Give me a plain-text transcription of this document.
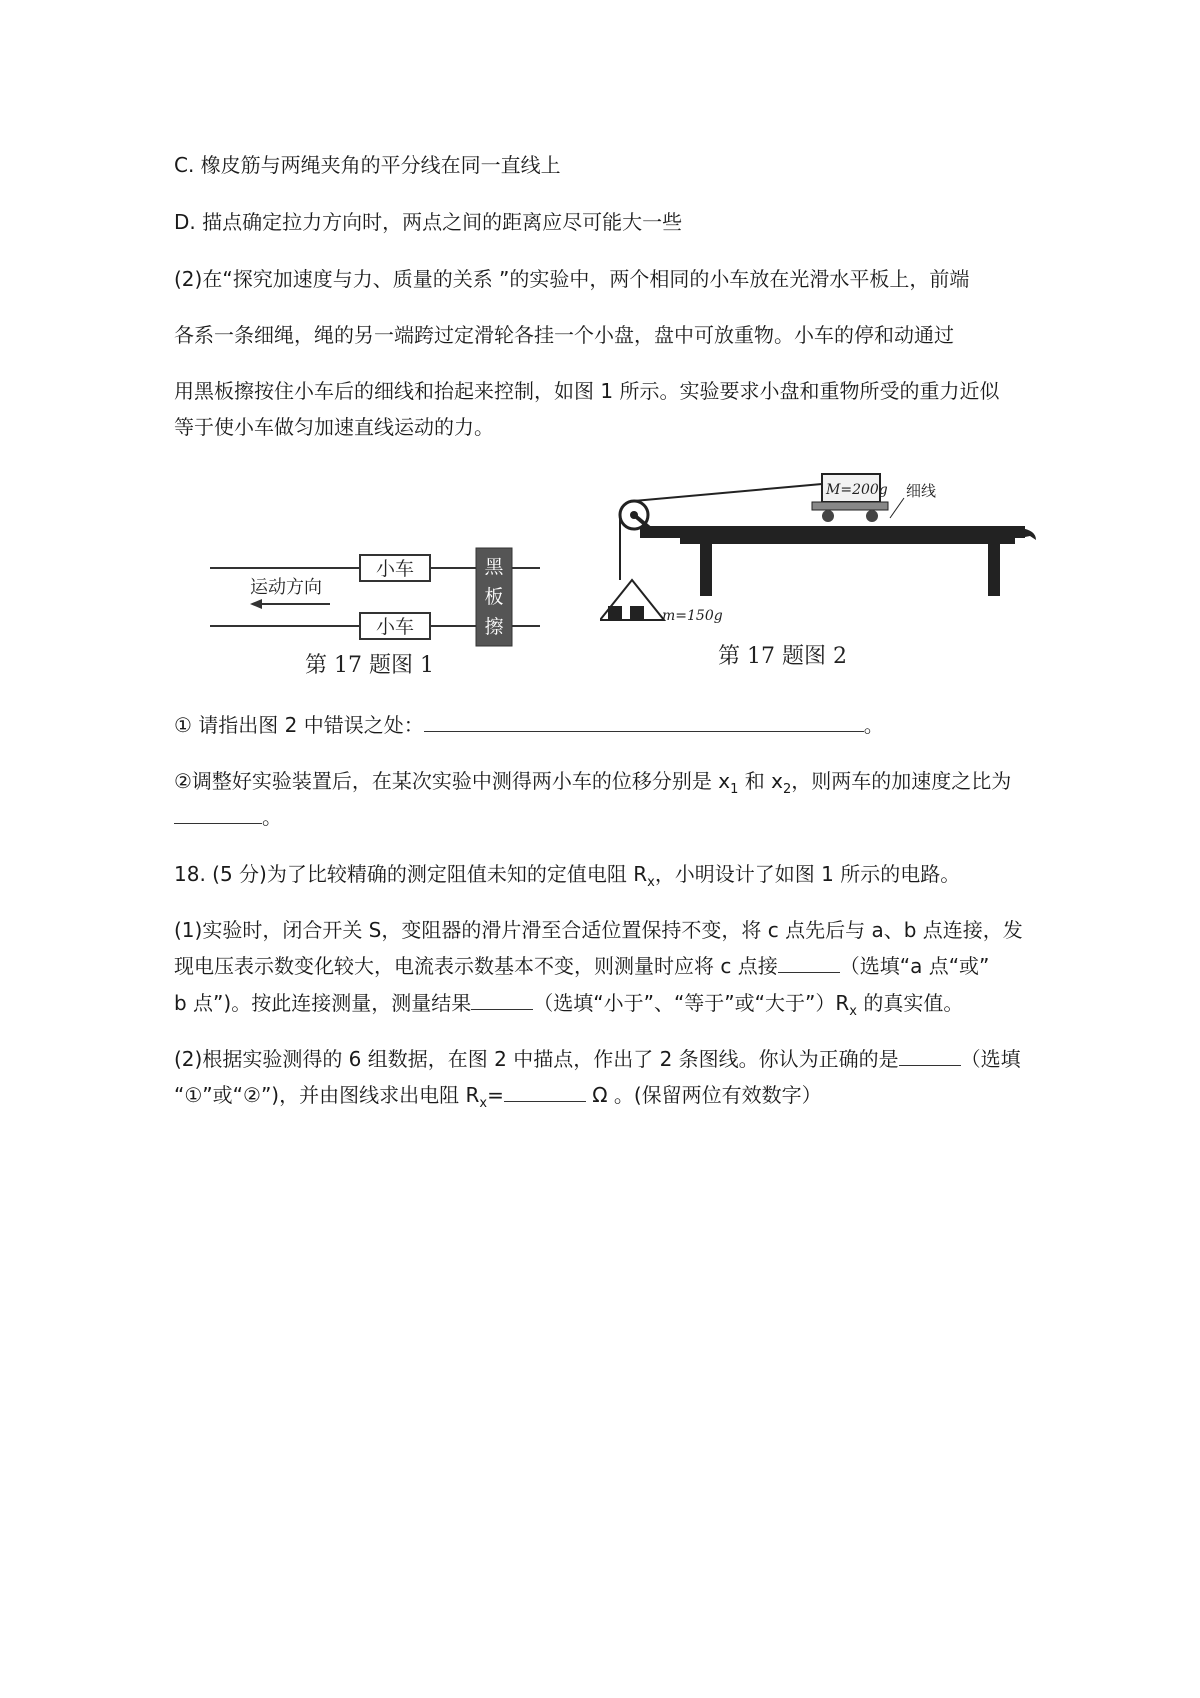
C. 橡皮筋与两绳夹角的平分线在同一直线上
D. 描点确定拉力方向时，两点之间的距离应尽可能大一些
(2)在“探究加速度与力、质量的关系 ”的实验中，两个相同的小车放在光滑水平板上，前端
各系一条细绳，绳的另一端跨过定滑轮各挂一个小盘，盘中可放重物。小车的停和动通过
用黑板擦按住小车后的细线和抬起来控制，如图 1 所示。实验要求小盘和重物所受的重力近似
等于使小车做匀加速直线运动的力。
小车
小车
黑
板
擦
运动方向
第 17 题图 1
M=200g 细线
m=150g
第 17 题图 2
① 请指出图 2 中错误之处：	。
②调整好实验装置后，在某次实验中测得两小车的位移分别是 $x_1$ 和 $x_2$，则两车的加速度之比为
。
18. (5 分)为了比较精确的测定阻值未知的定值电阻 $R_x$，小明设计了如图 1 所示的电路。
(1)实验时，闭合开关 S，变阻器的滑片滑至合适位置保持不变，将 c 点先后与 a、b 点连接，发
现电压表示数变化较大，电流表示数基本不变，则测量时应将 c 点接	（选填“a 点“或”
b 点”)。按此连接测量，测量结果	（选填“小于”、“等于”或“大于$”)R_x$ 的真实值。
(2)根据实验测得的 6 组数据，在图 2 中描点，作出了 2 条图线。你认为正确的是	（选填
“①”或“②”)，并由图线求出电阻 $R_x=$	Ω 。(保留两位有效数字）
